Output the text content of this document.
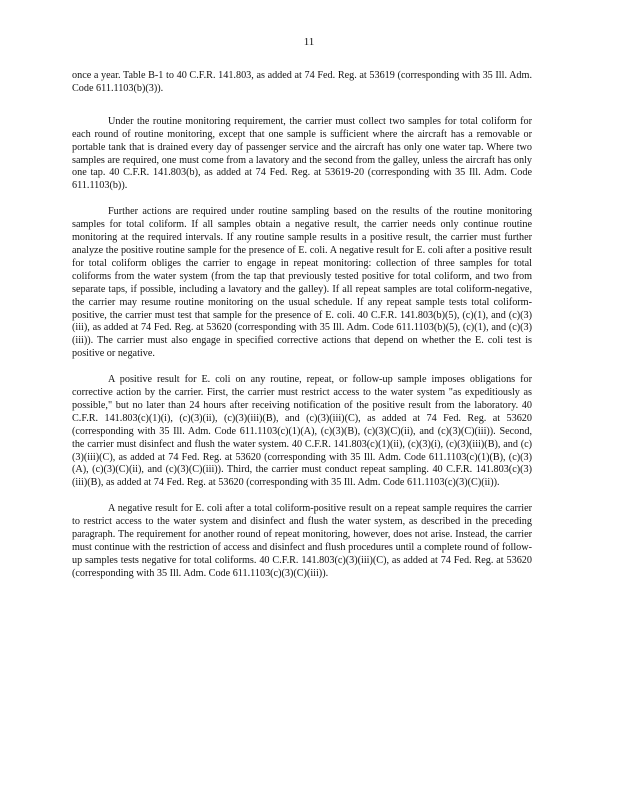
11

once a year. Table B-1 to 40 C.F.R. 141.803, as added at 74 Fed. Reg. at 53619 (corresponding with 35 Ill. Adm. Code 611.1103(b)(3)).

Under the routine monitoring requirement, the carrier must collect two samples for total coliform for each round of routine monitoring, except that one sample is sufficient where the aircraft has a removable or portable tank that is drained every day of passenger service and the aircraft has only one water tap. Where two samples are required, one must come from a lavatory and the second from the galley, unless the aircraft has only one tap. 40 C.F.R. 141.803(b), as added at 74 Fed. Reg. at 53619-20 (corresponding with 35 Ill. Adm. Code 611.1103(b)).

Further actions are required under routine sampling based on the results of the routine monitoring samples for total coliform. If all samples obtain a negative result, the carrier needs only continue routine monitoring at the required intervals. If any routine sample results in a positive result, the carrier must further analyze the positive routine sample for the presence of E. coli. A negative result for E. coli after a positive result for total coliform obliges the carrier to engage in repeat monitoring: collection of three samples for total coliforms from the water system (from the tap that previously tested positive for total coliform, and two from separate taps, if possible, including a lavatory and the galley). If all repeat samples are total coliform-negative, the carrier may resume routine monitoring on the usual schedule. If any repeat sample tests total coliform-positive, the carrier must test that sample for the presence of E. coli. 40 C.F.R. 141.803(b)(5), (c)(1), and (c)(3)(iii), as added at 74 Fed. Reg. at 53620 (corresponding with 35 Ill. Adm. Code 611.1103(b)(5), (c)(1), and (c)(3)(iii)). The carrier must also engage in specified corrective actions that depend on whether the E. coli test is positive or negative.

A positive result for E. coli on any routine, repeat, or follow-up sample imposes obligations for corrective action by the carrier. First, the carrier must restrict access to the water system "as expeditiously as possible," but no later than 24 hours after receiving notification of the positive result from the laboratory. 40 C.F.R. 141.803(c)(1)(i), (c)(3)(ii), (c)(3)(iii)(B), and (c)(3)(iii)(C), as added at 74 Fed. Reg. at 53620 (corresponding with 35 Ill. Adm. Code 611.1103(c)(1)(A), (c)(3)(B), (c)(3)(C)(ii), and (c)(3)(C)(iii)). Second, the carrier must disinfect and flush the water system. 40 C.F.R. 141.803(c)(1)(ii), (c)(3)(i), (c)(3)(iii)(B), and (c)(3)(iii)(C), as added at 74 Fed. Reg. at 53620 (corresponding with 35 Ill. Adm. Code 611.1103(c)(1)(B), (c)(3)(A), (c)(3)(C)(ii), and (c)(3)(C)(iii)). Third, the carrier must conduct repeat sampling. 40 C.F.R. 141.803(c)(3)(iii)(B), as added at 74 Fed. Reg. at 53620 (corresponding with 35 Ill. Adm. Code 611.1103(c)(3)(C)(ii)).

A negative result for E. coli after a total coliform-positive result on a repeat sample requires the carrier to restrict access to the water system and disinfect and flush the water system, as described in the preceding paragraph. The requirement for another round of repeat monitoring, however, does not arise. Instead, the carrier must continue with the restriction of access and disinfect and flush procedures until a complete round of follow-up samples tests negative for total coliforms. 40 C.F.R. 141.803(c)(3)(iii)(C), as added at 74 Fed. Reg. at 53620 (corresponding with 35 Ill. Adm. Code 611.1103(c)(3)(C)(iii)).
